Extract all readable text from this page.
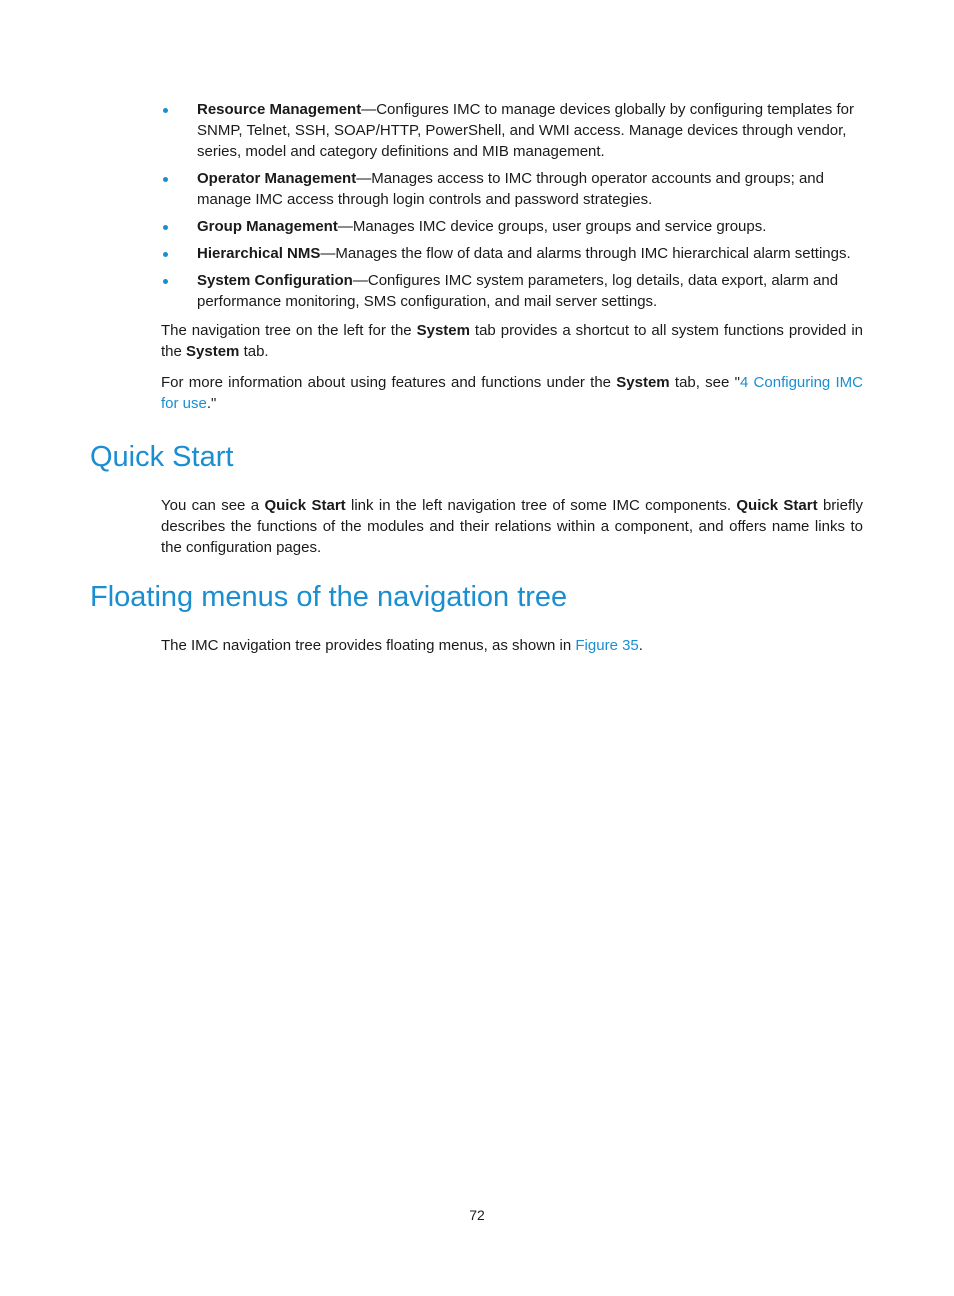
Resource Management—Configures IMC to manage devices globally by configuring templates for SNMP, Telnet, SSH, SOAP/HTTP, PowerShell, and WMI access. Manage devices through vendor, series, model and category definitions and MIB management.
Operator Management—Manages access to IMC through operator accounts and groups; and manage IMC access through login controls and password strategies.
Group Management—Manages IMC device groups, user groups and service groups.
Hierarchical NMS—Manages the flow of data and alarms through IMC hierarchical alarm settings.
System Configuration—Configures IMC system parameters, log details, data export, alarm and performance monitoring, SMS configuration, and mail server settings.

The navigation tree on the left for the System tab provides a shortcut to all system functions provided in the System tab.

For more information about using features and functions under the System tab, see "4 Configuring IMC for use."

Quick Start

You can see a Quick Start link in the left navigation tree of some IMC components. Quick Start briefly describes the functions of the modules and their relations within a component, and offers name links to the configuration pages.

Floating menus of the navigation tree

The IMC navigation tree provides floating menus, as shown in Figure 35.

72
